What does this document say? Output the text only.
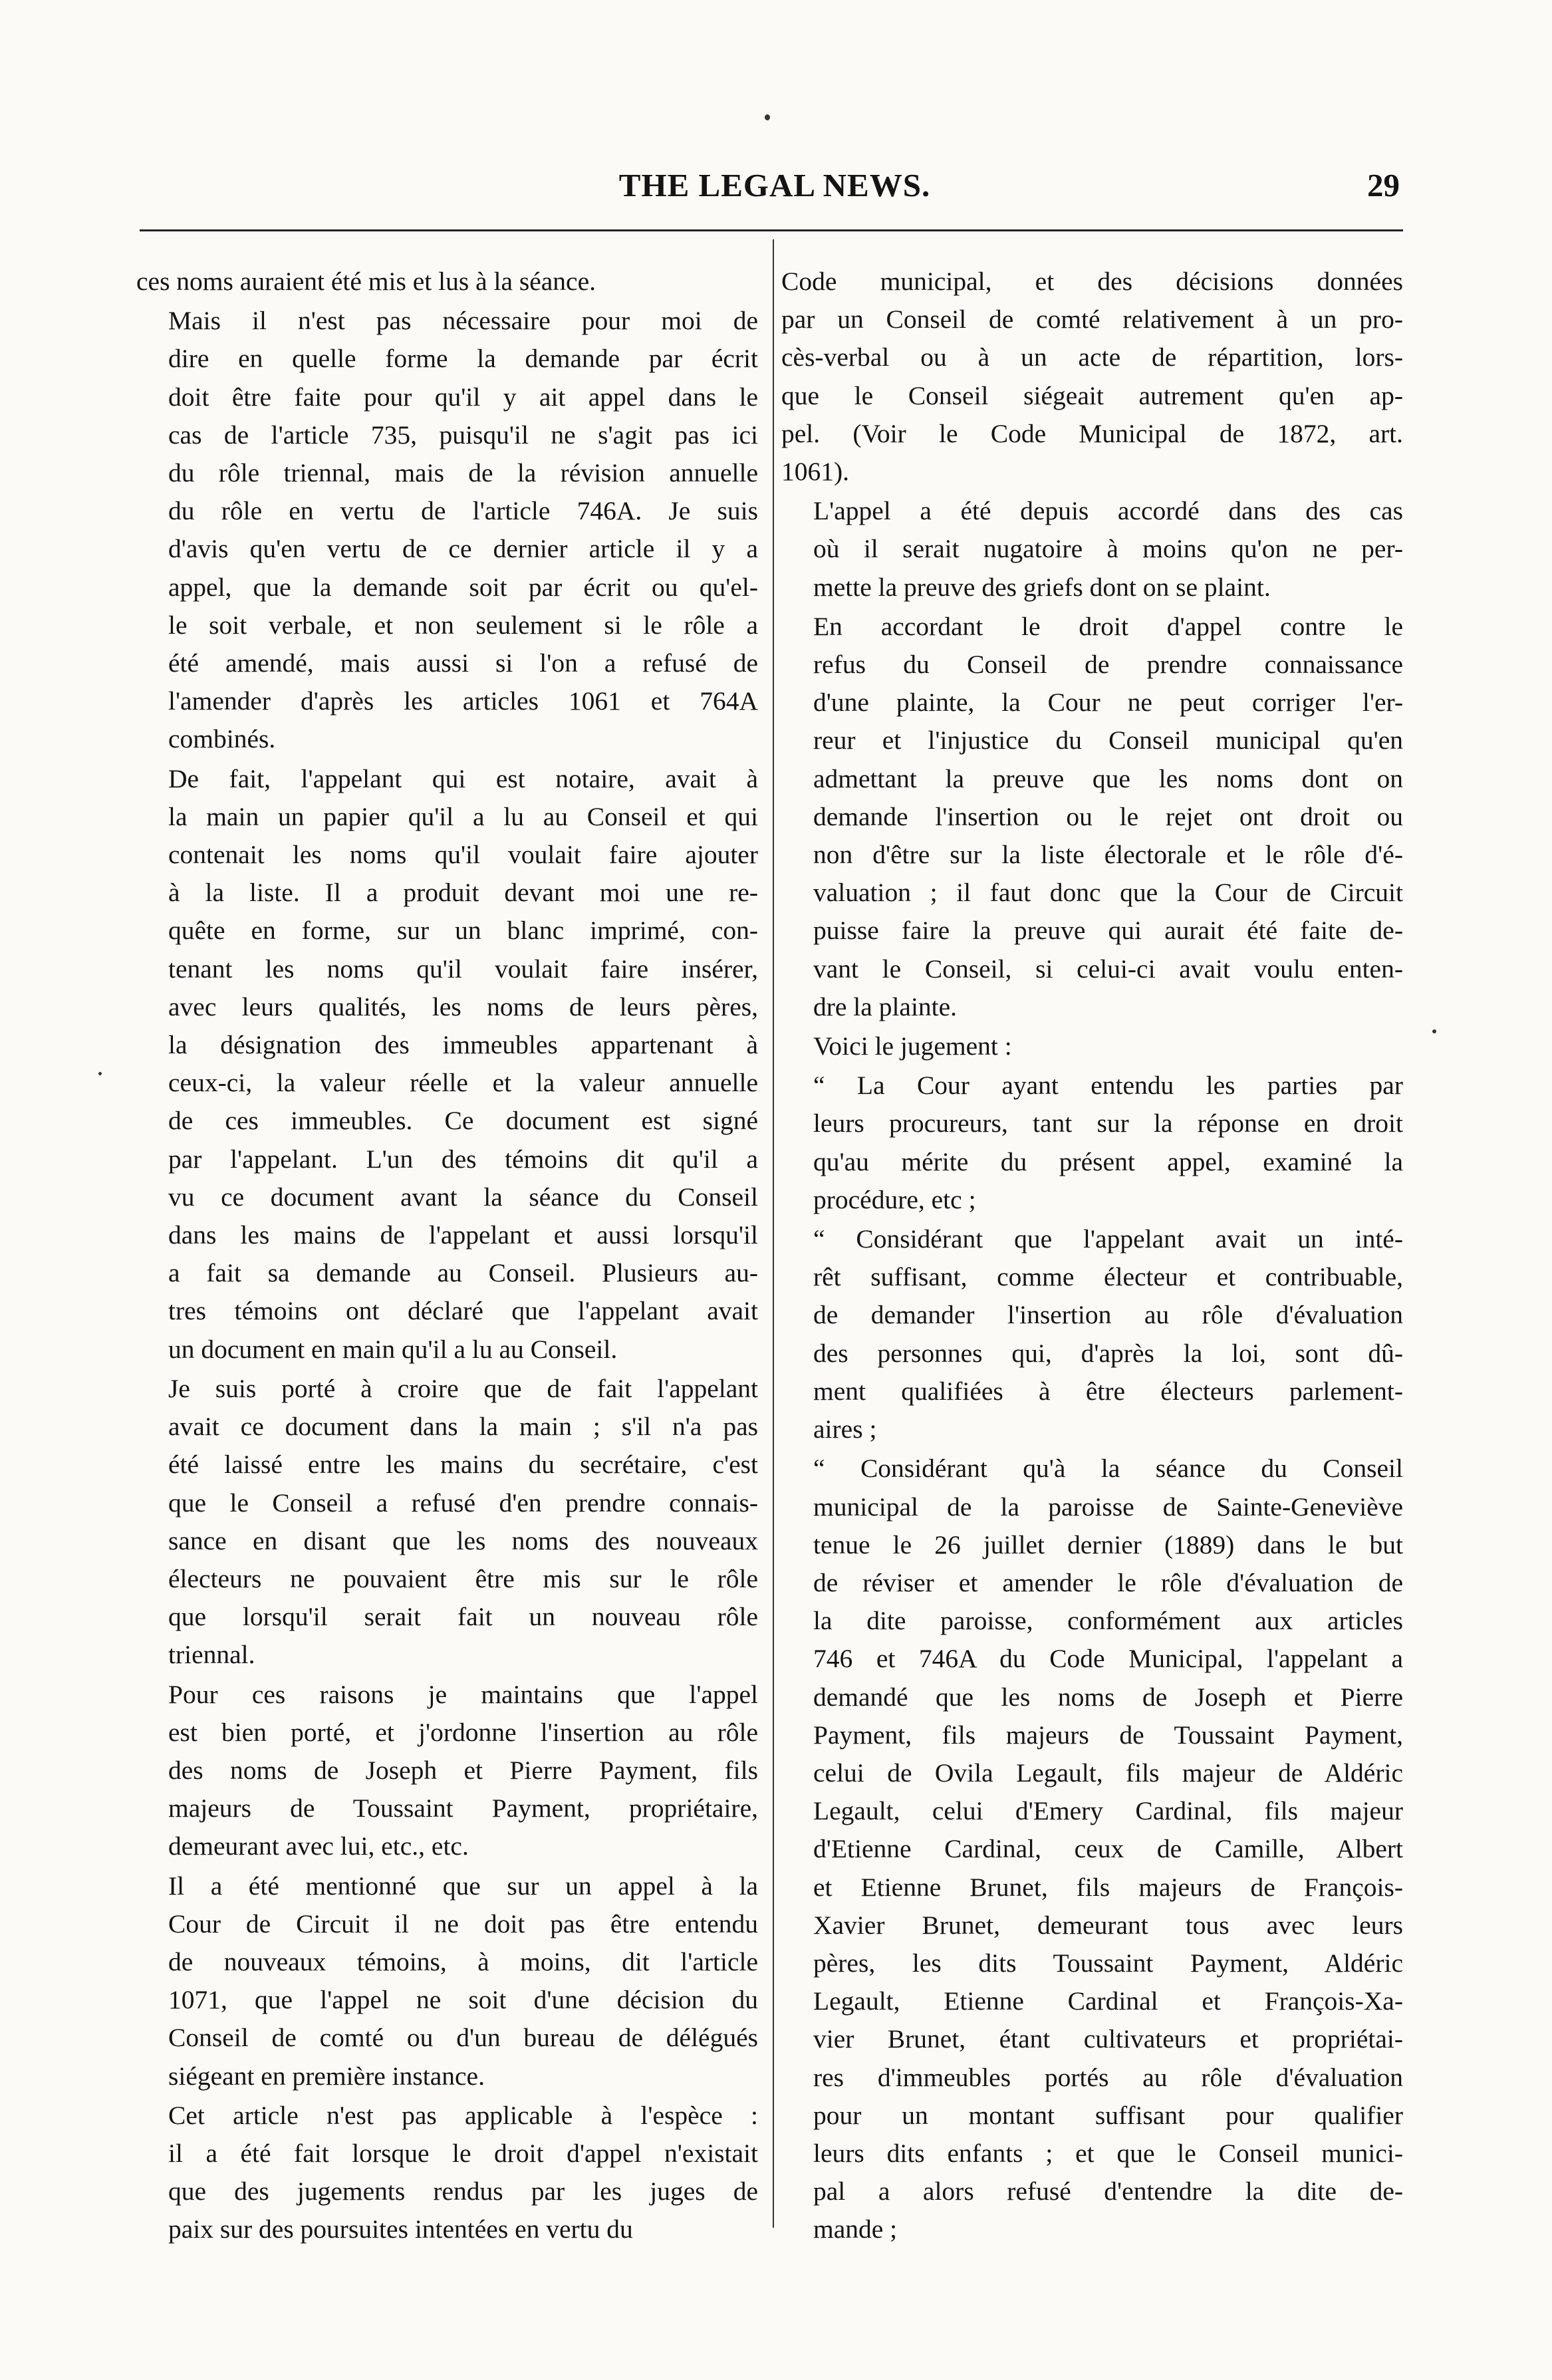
THE LEGAL NEWS.	29

ces noms auraient été mis et lus à la séance.

Mais il n'est pas nécessaire pour moi de
dire en quelle forme la demande par écrit
doit être faite pour qu'il y ait appel dans le
cas de l'article 735, puisqu'il ne s'agit pas ici
du rôle triennal, mais de la révision annuelle
du rôle en vertu de l'article 746A. Je suis
d'avis qu'en vertu de ce dernier article il y a
appel, que la demande soit par écrit ou qu'el-
le soit verbale, et non seulement si le rôle a
été amendé, mais aussi si l'on a refusé de
l'amender d'après les articles 1061 et 764A
combinés.

De fait, l'appelant qui est notaire, avait à
la main un papier qu'il a lu au Conseil et qui
contenait les noms qu'il voulait faire ajouter
à la liste. Il a produit devant moi une re-
quête en forme, sur un blanc imprimé, con-
tenant les noms qu'il voulait faire insérer,
avec leurs qualités, les noms de leurs pères,
la désignation des immeubles appartenant à
ceux-ci, la valeur réelle et la valeur annuelle
de ces immeubles. Ce document est signé
par l'appelant. L'un des témoins dit qu'il a
vu ce document avant la séance du Conseil
dans les mains de l'appelant et aussi lorsqu'il
a fait sa demande au Conseil. Plusieurs au-
tres témoins ont déclaré que l'appelant avait
un document en main qu'il a lu au Conseil.

Je suis porté à croire que de fait l'appelant
avait ce document dans la main ; s'il n'a pas
été laissé entre les mains du secrétaire, c'est
que le Conseil a refusé d'en prendre connais-
sance en disant que les noms des nouveaux
électeurs ne pouvaient être mis sur le rôle
que lorsqu'il serait fait un nouveau rôle
triennal.

Pour ces raisons je maintains que l'appel
est bien porté, et j'ordonne l'insertion au rôle
des noms de Joseph et Pierre Payment, fils
majeurs de Toussaint Payment, propriétaire,
demeurant avec lui, etc., etc.

Il a été mentionné que sur un appel à la
Cour de Circuit il ne doit pas être entendu
de nouveaux témoins, à moins, dit l'article
1071, que l'appel ne soit d'une décision du
Conseil de comté ou d'un bureau de délégués
siégeant en première instance.

Cet article n'est pas applicable à l'espèce :
il a été fait lorsque le droit d'appel n'existait
que des jugements rendus par les juges de
paix sur des poursuites intentées en vertu du

Code municipal, et des décisions données
par un Conseil de comté relativement à un pro-
cès-verbal ou à un acte de répartition, lors-
que le Conseil siégeait autrement qu'en ap-
pel. (Voir le Code Municipal de 1872, art.
1061).

L'appel a été depuis accordé dans des cas
où il serait nugatoire à moins qu'on ne per-
mette la preuve des griefs dont on se plaint.

En accordant le droit d'appel contre le
refus du Conseil de prendre connaissance
d'une plainte, la Cour ne peut corriger l'er-
reur et l'injustice du Conseil municipal qu'en
admettant la preuve que les noms dont on
demande l'insertion ou le rejet ont droit ou
non d'être sur la liste électorale et le rôle d'é-
valuation ; il faut donc que la Cour de Circuit
puisse faire la preuve qui aurait été faite de-
vant le Conseil, si celui-ci avait voulu enten-
dre la plainte.

Voici le jugement :

“ La Cour ayant entendu les parties par
leurs procureurs, tant sur la réponse en droit
qu'au mérite du présent appel, examiné la
procédure, etc ;

“ Considérant que l'appelant avait un inté-
rêt suffisant, comme électeur et contribuable,
de demander l'insertion au rôle d'évaluation
des personnes qui, d'après la loi, sont dû-
ment qualifiées à être électeurs parlement-
aires ;

“ Considérant qu'à la séance du Conseil
municipal de la paroisse de Sainte-Geneviève
tenue le 26 juillet dernier (1889) dans le but
de réviser et amender le rôle d'évaluation de
la dite paroisse, conformément aux articles
746 et 746A du Code Municipal, l'appelant a
demandé que les noms de Joseph et Pierre
Payment, fils majeurs de Toussaint Payment,
celui de Ovila Legault, fils majeur de Aldéric
Legault, celui d'Emery Cardinal, fils majeur
d'Etienne Cardinal, ceux de Camille, Albert
et Etienne Brunet, fils majeurs de François-
Xavier Brunet, demeurant tous avec leurs
pères, les dits Toussaint Payment, Aldéric
Legault, Etienne Cardinal et François-Xa-
vier Brunet, étant cultivateurs et propriétai-
res d'immeubles portés au rôle d'évaluation
pour un montant suffisant pour qualifier
leurs dits enfants ; et que le Conseil munici-
pal a alors refusé d'entendre la dite de-
mande ;
